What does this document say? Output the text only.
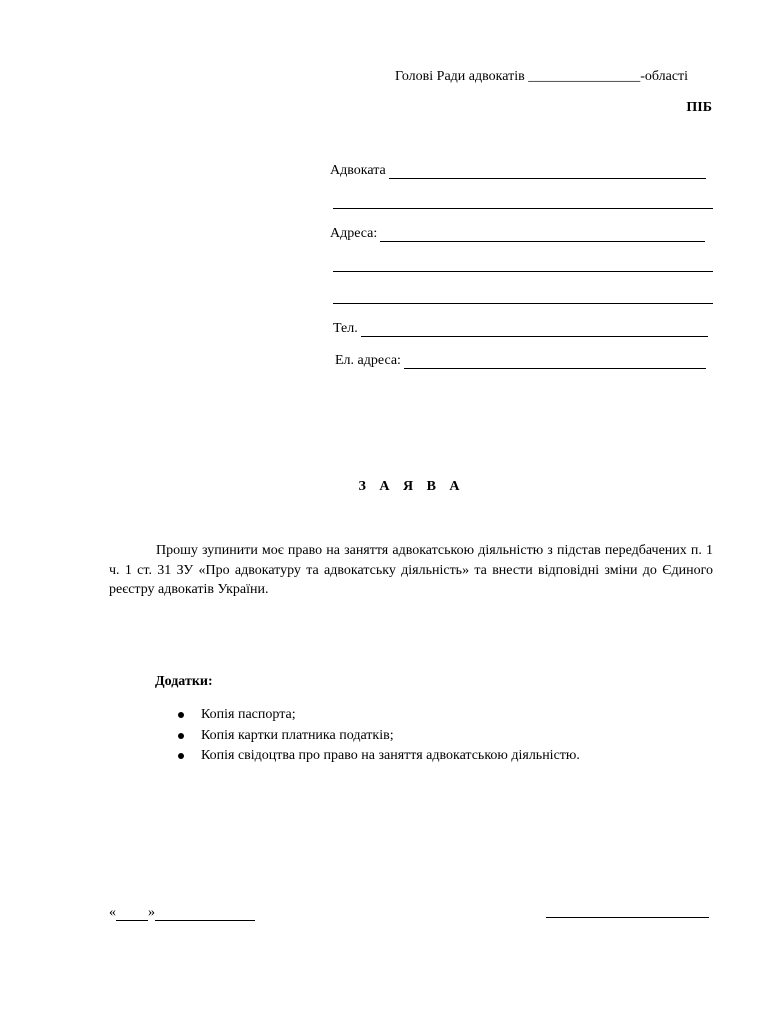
Голові Ради адвокатів ________________-області
ПІБ
Адвоката
Адреса:
Тел.
Ел. адреса:
З А Я В А
Прошу зупинити моє право на заняття адвокатською діяльністю з підстав передбачених п. 1 ч. 1 ст. 31 ЗУ «Про адвокатуру та адвокатську діяльність» та внести відповідні зміни до Єдиного реєстру адвокатів України.
Додатки:
Копія паспорта;
Копія картки платника податків;
Копія свідоцтва про право на заняття адвокатською діяльністю.
« »
